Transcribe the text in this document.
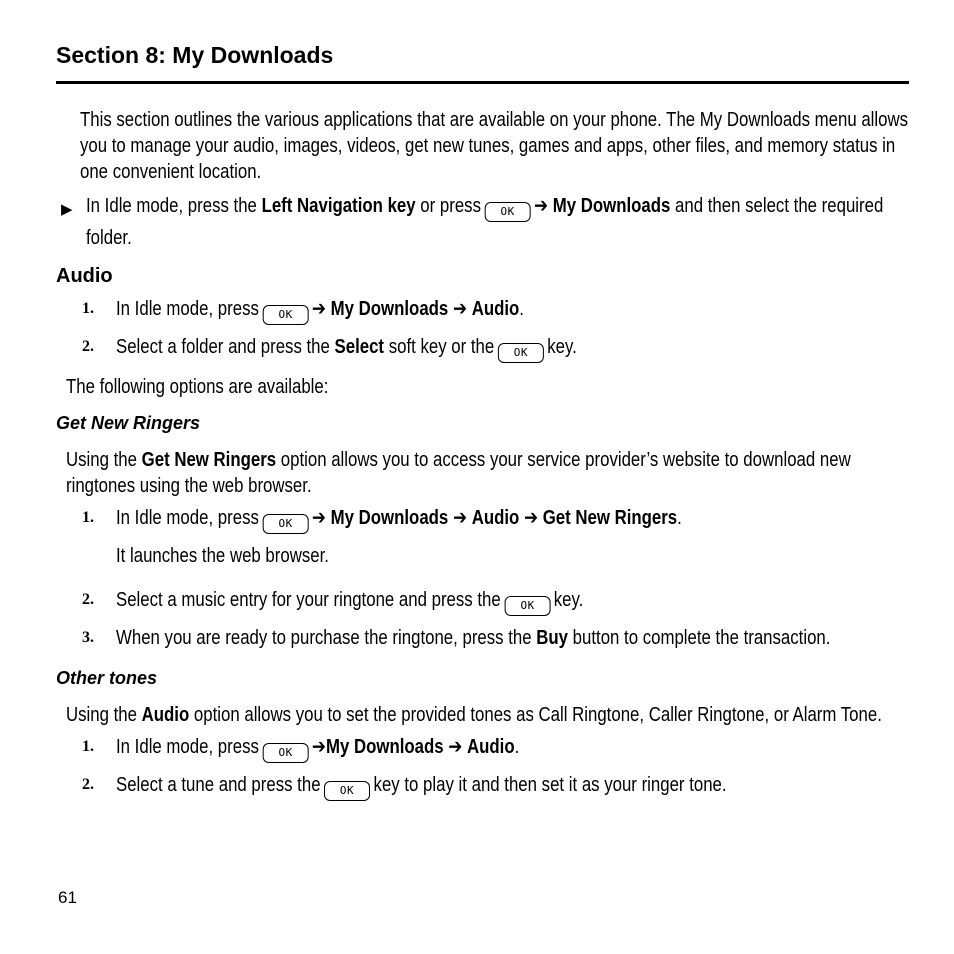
Section 8: My Downloads
This section outlines the various applications that are available on your phone. The My Downloads menu allows
you to manage your audio, images, videos, get new tunes, games and apps, other files, and memory status in
one convenient location.
▶ In Idle mode, press the Left Navigation key or press OK ➔ My Downloads and then select the required
folder.
Audio
1. In Idle mode, press OK ➔ My Downloads ➔ Audio.
2. Select a folder and press the Select soft key or the OK key.
The following options are available:
Get New Ringers
Using the Get New Ringers option allows you to access your service provider’s website to download new
ringtones using the web browser.
1. In Idle mode, press OK ➔ My Downloads ➔ Audio ➔ Get New Ringers.
It launches the web browser.
2. Select a music entry for your ringtone and press the OK key.
3. When you are ready to purchase the ringtone, press the Buy button to complete the transaction.
Other tones
Using the Audio option allows you to set the provided tones as Call Ringtone, Caller Ringtone, or Alarm Tone.
1. In Idle mode, press OK ➔My Downloads ➔ Audio.
2. Select a tune and press the OK key to play it and then set it as your ringer tone.
61
